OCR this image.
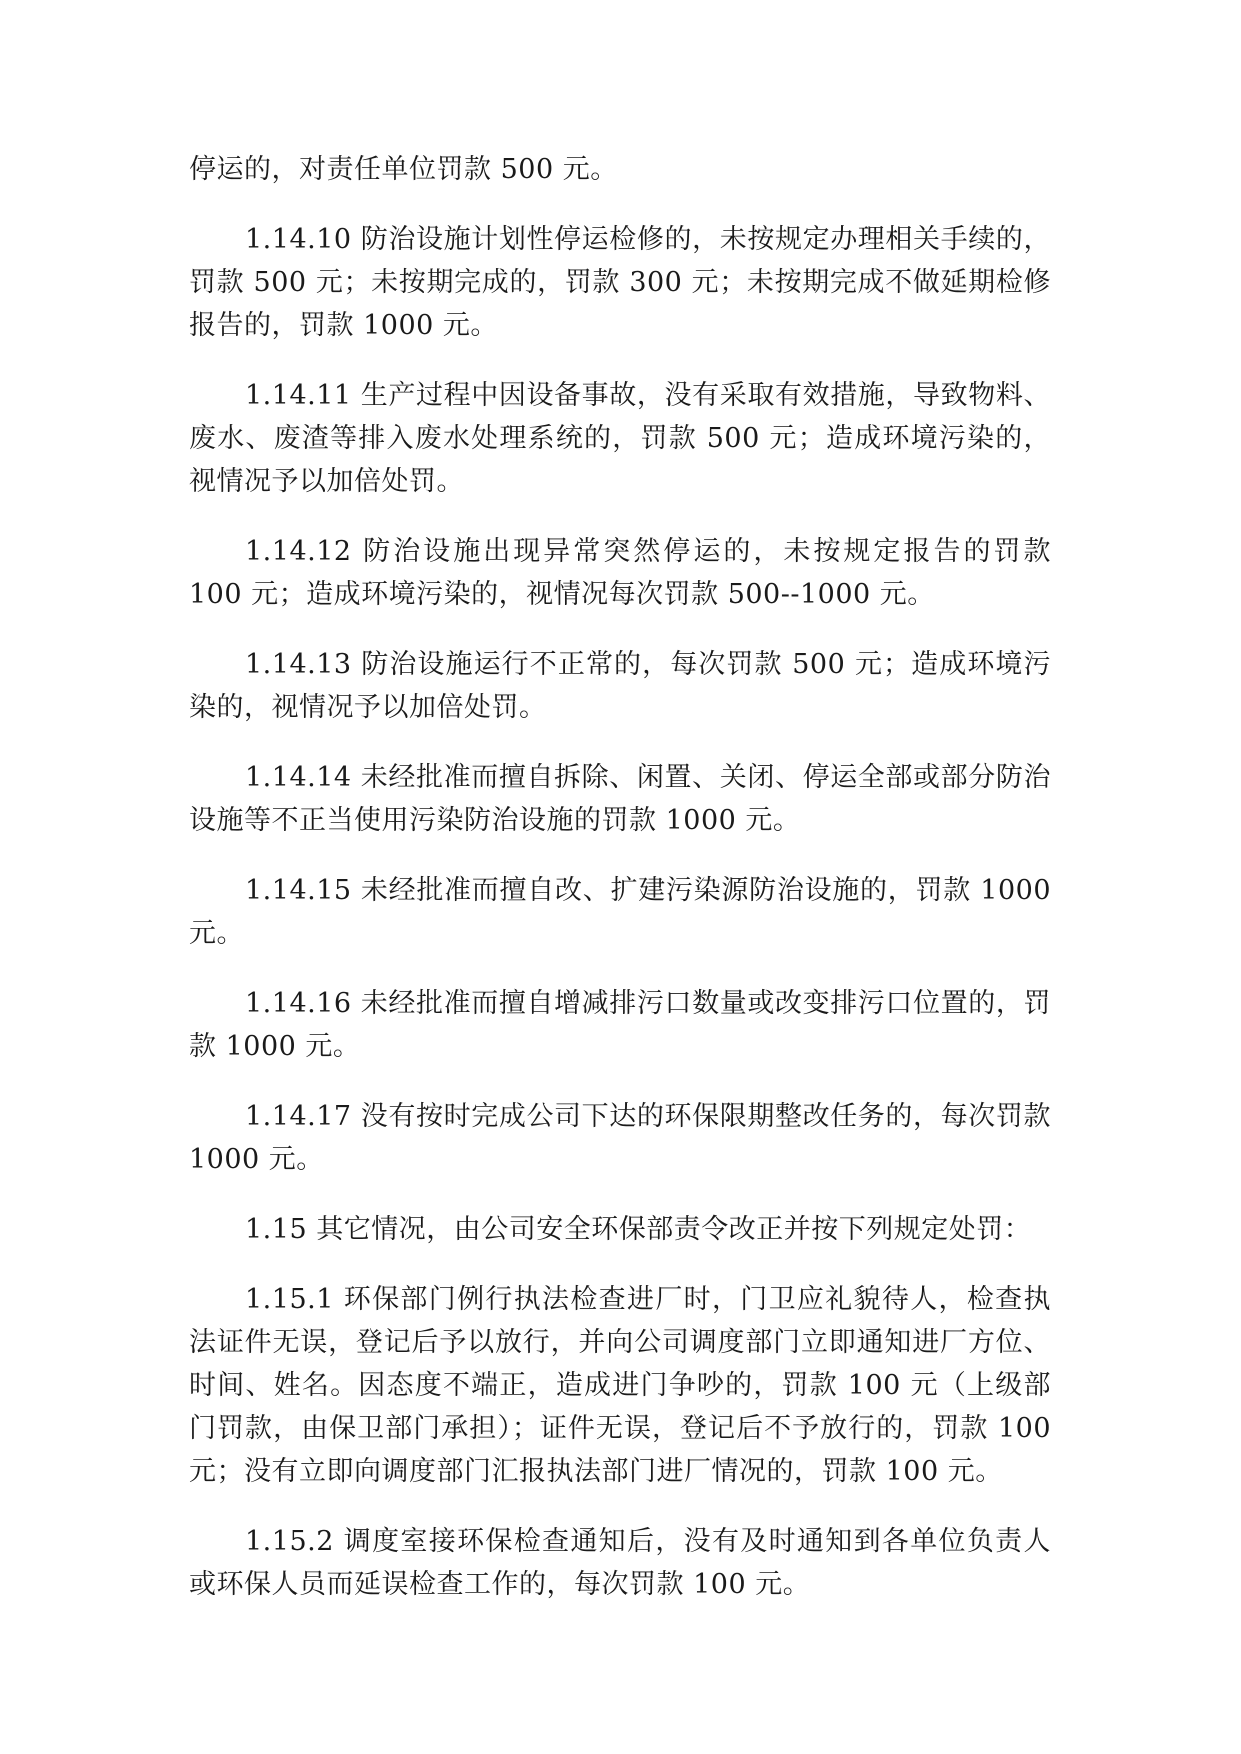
停运的，对责任单位罚款 500 元。

1.14.10 防治设施计划性停运检修的，未按规定办理相关手续的，罚款 500 元；未按期完成的，罚款 300 元；未按期完成不做延期检修报告的，罚款 1000 元。

1.14.11 生产过程中因设备事故，没有采取有效措施，导致物料、废水、废渣等排入废水处理系统的，罚款 500 元；造成环境污染的，视情况予以加倍处罚。

1.14.12 防治设施出现异常突然停运的，未按规定报告的罚款 100 元；造成环境污染的，视情况每次罚款 500--1000 元。

1.14.13 防治设施运行不正常的，每次罚款 500 元；造成环境污染的，视情况予以加倍处罚。

1.14.14 未经批准而擅自拆除、闲置、关闭、停运全部或部分防治设施等不正当使用污染防治设施的罚款 1000 元。

1.14.15 未经批准而擅自改、扩建污染源防治设施的，罚款 1000 元。

1.14.16 未经批准而擅自增减排污口数量或改变排污口位置的，罚款 1000 元。

1.14.17 没有按时完成公司下达的环保限期整改任务的，每次罚款 1000 元。

1.15 其它情况，由公司安全环保部责令改正并按下列规定处罚：

1.15.1 环保部门例行执法检查进厂时，门卫应礼貌待人，检查执法证件无误，登记后予以放行，并向公司调度部门立即通知进厂方位、时间、姓名。因态度不端正，造成进门争吵的，罚款 100 元（上级部门罚款，由保卫部门承担）；证件无误，登记后不予放行的，罚款 100 元；没有立即向调度部门汇报执法部门进厂情况的，罚款 100 元。

1.15.2 调度室接环保检查通知后，没有及时通知到各单位负责人或环保人员而延误检查工作的，每次罚款 100 元。
